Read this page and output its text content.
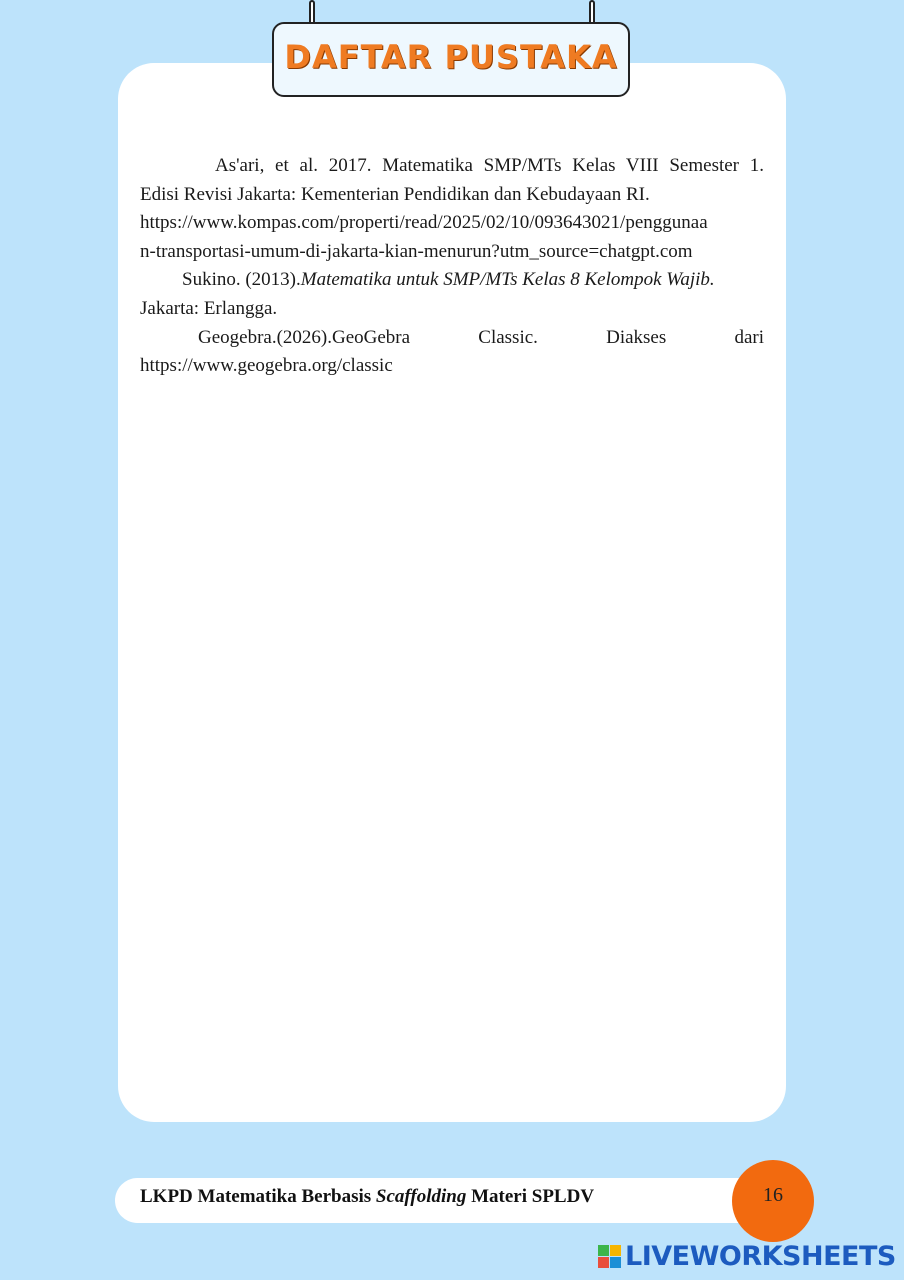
DAFTAR PUSTAKA

As'ari, et al. 2017. Matematika SMP/MTs Kelas VIII Semester 1.

Edisi Revisi Jakarta: Kementerian Pendidikan dan Kebudayaan RI.

https://www.kompas.com/properti/read/2025/02/10/093643021/penggunaa

n-transportasi-umum-di-jakarta-kian-menurun?utm_source=chatgpt.com

Sukino. (2013).Matematika untuk SMP/MTs Kelas 8 Kelompok Wajib.

Jakarta: Erlangga.

Geogebra.(2026).GeoGebra	Classic.	Diakses	dari

https://www.geogebra.org/classic

LKPD Matematika Berbasis Scaffolding Materi SPLDV	16
LIVEWORKSHEETS
